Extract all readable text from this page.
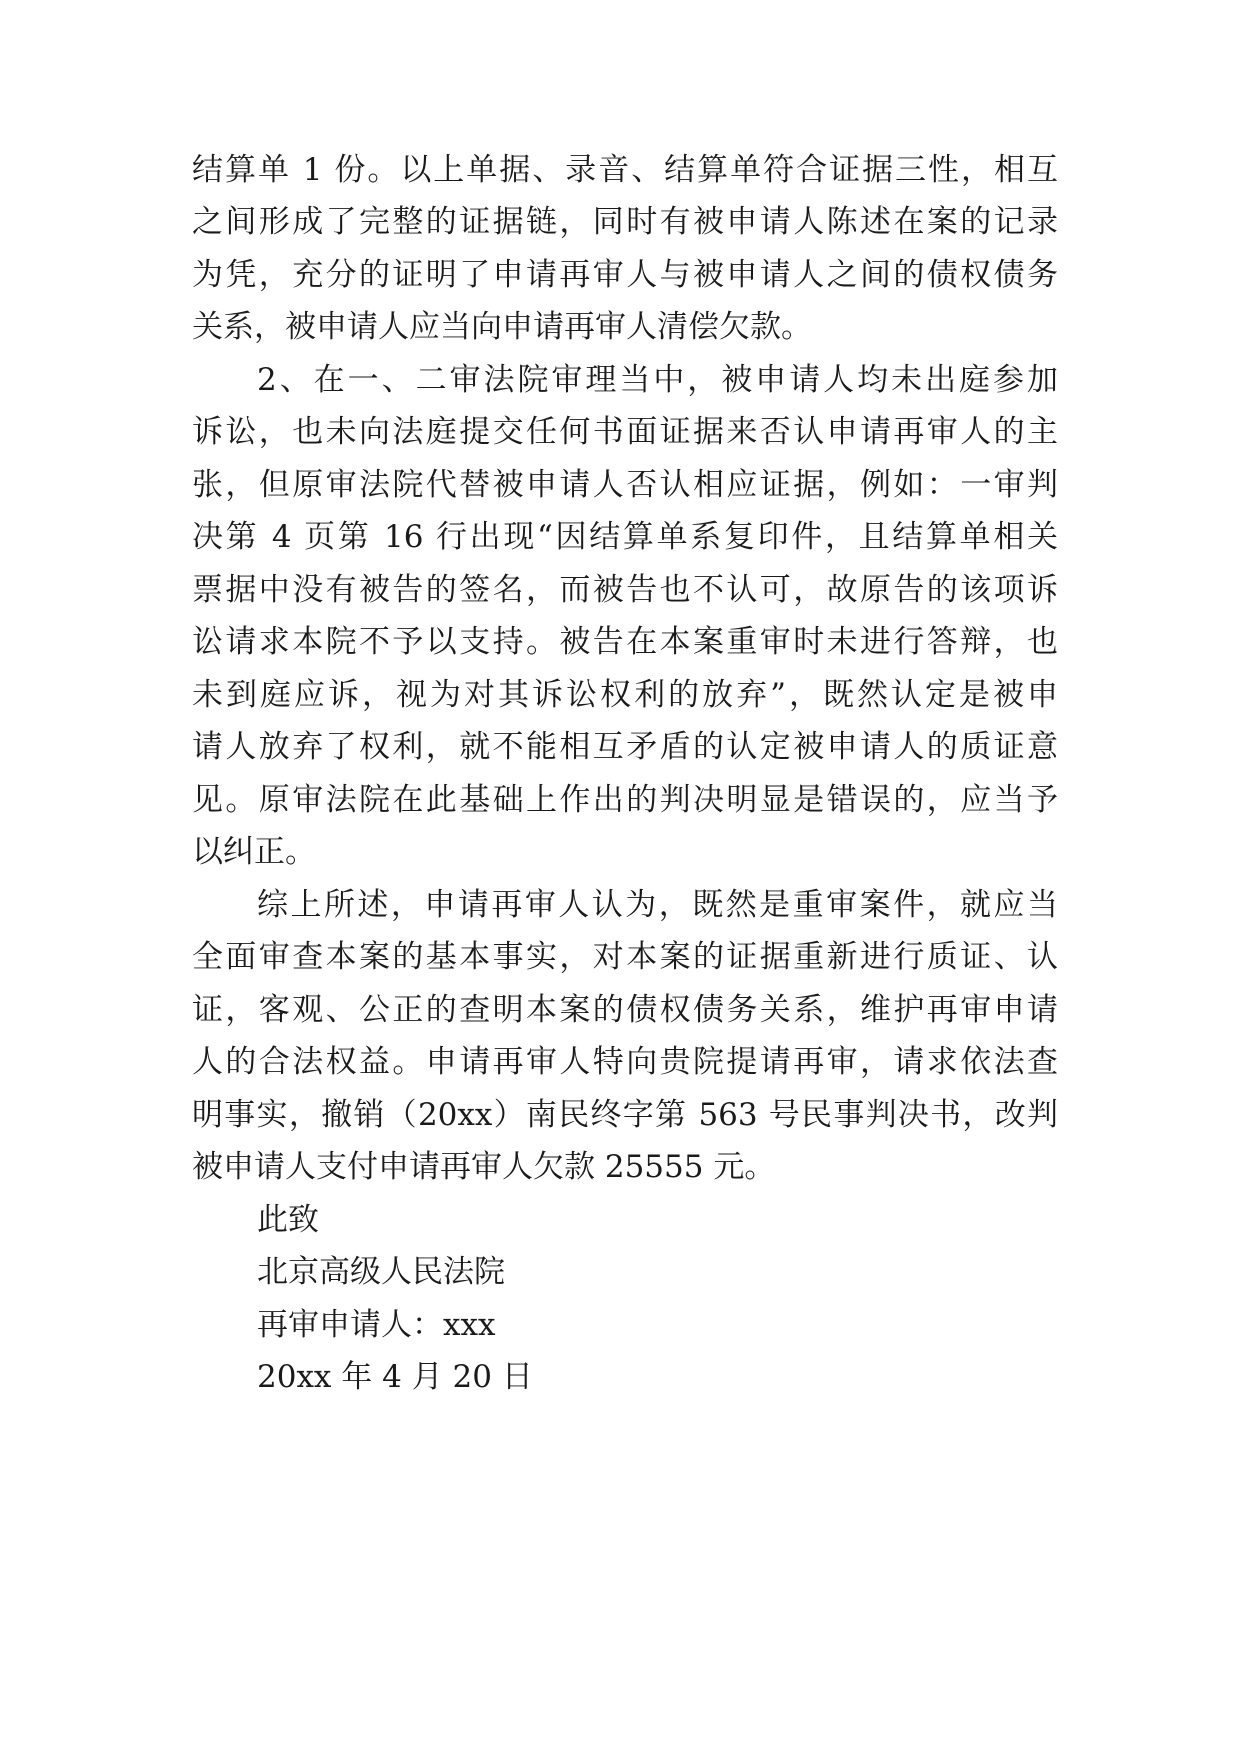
结算单 1 份。以上单据、录音、结算单符合证据三性，相互
之间形成了完整的证据链，同时有被申请人陈述在案的记录
为凭，充分的证明了申请再审人与被申请人之间的债权债务
关系，被申请人应当向申请再审人清偿欠款。
2、在一、二审法院审理当中，被申请人均未出庭参加
诉讼，也未向法庭提交任何书面证据来否认申请再审人的主
张，但原审法院代替被申请人否认相应证据，例如：一审判
决第 4 页第 16 行出现“因结算单系复印件，且结算单相关
票据中没有被告的签名，而被告也不认可，故原告的该项诉
讼请求本院不予以支持。被告在本案重审时未进行答辩，也
未到庭应诉，视为对其诉讼权利的放弃”，既然认定是被申
请人放弃了权利，就不能相互矛盾的认定被申请人的质证意
见。原审法院在此基础上作出的判决明显是错误的，应当予
以纠正。
综上所述，申请再审人认为，既然是重审案件，就应当
全面审查本案的基本事实，对本案的证据重新进行质证、认
证，客观、公正的查明本案的债权债务关系，维护再审申请
人的合法权益。申请再审人特向贵院提请再审，请求依法查
明事实，撤销（20xx）南民终字第 563 号民事判决书，改判
被申请人支付申请再审人欠款 25555 元。
此致
北京高级人民法院
再审申请人：xxx
20xx 年 4 月 20 日
